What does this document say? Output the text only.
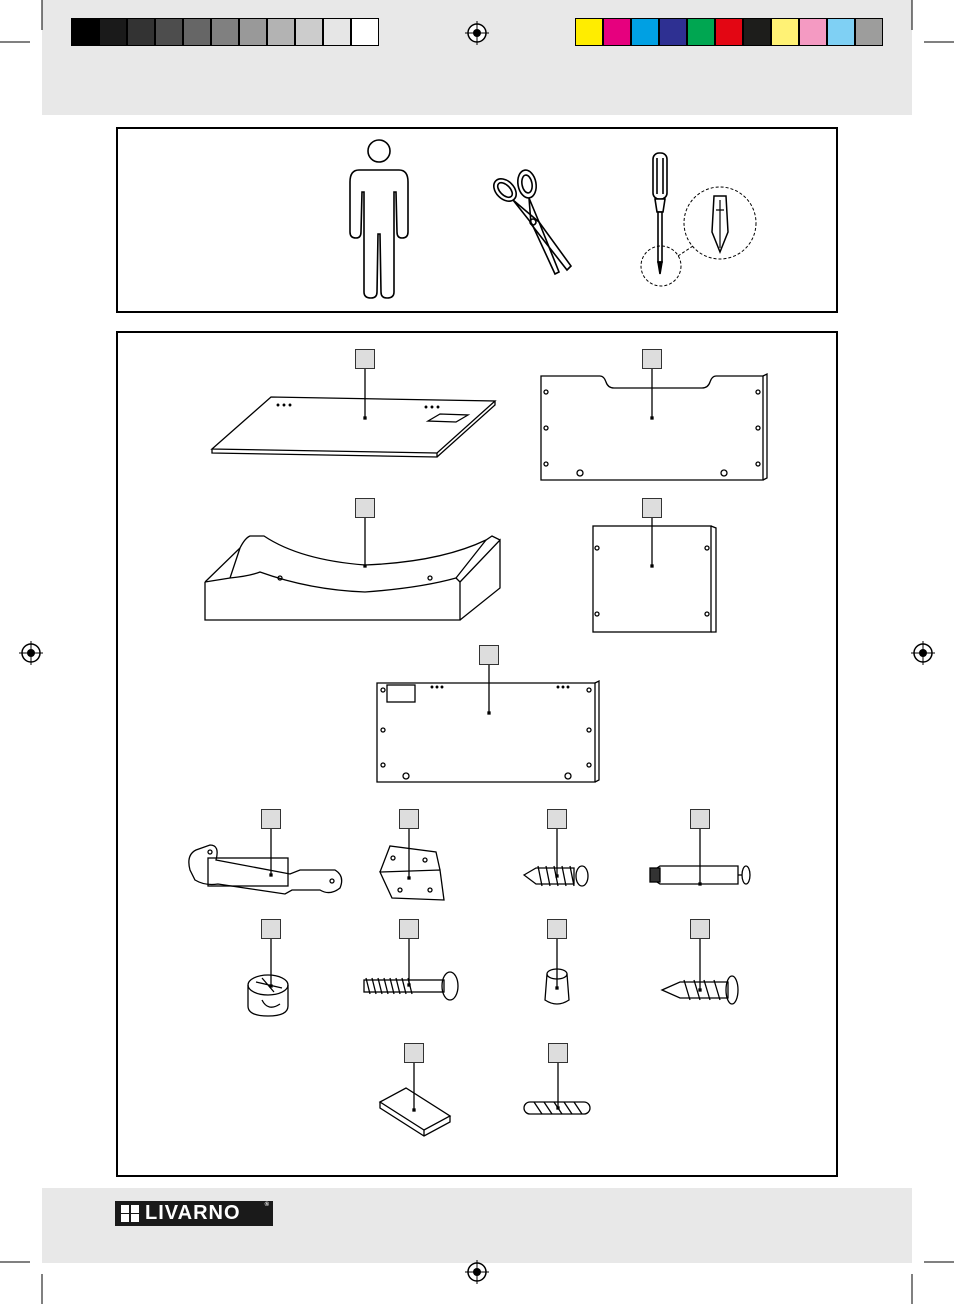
LIVARNO	®
